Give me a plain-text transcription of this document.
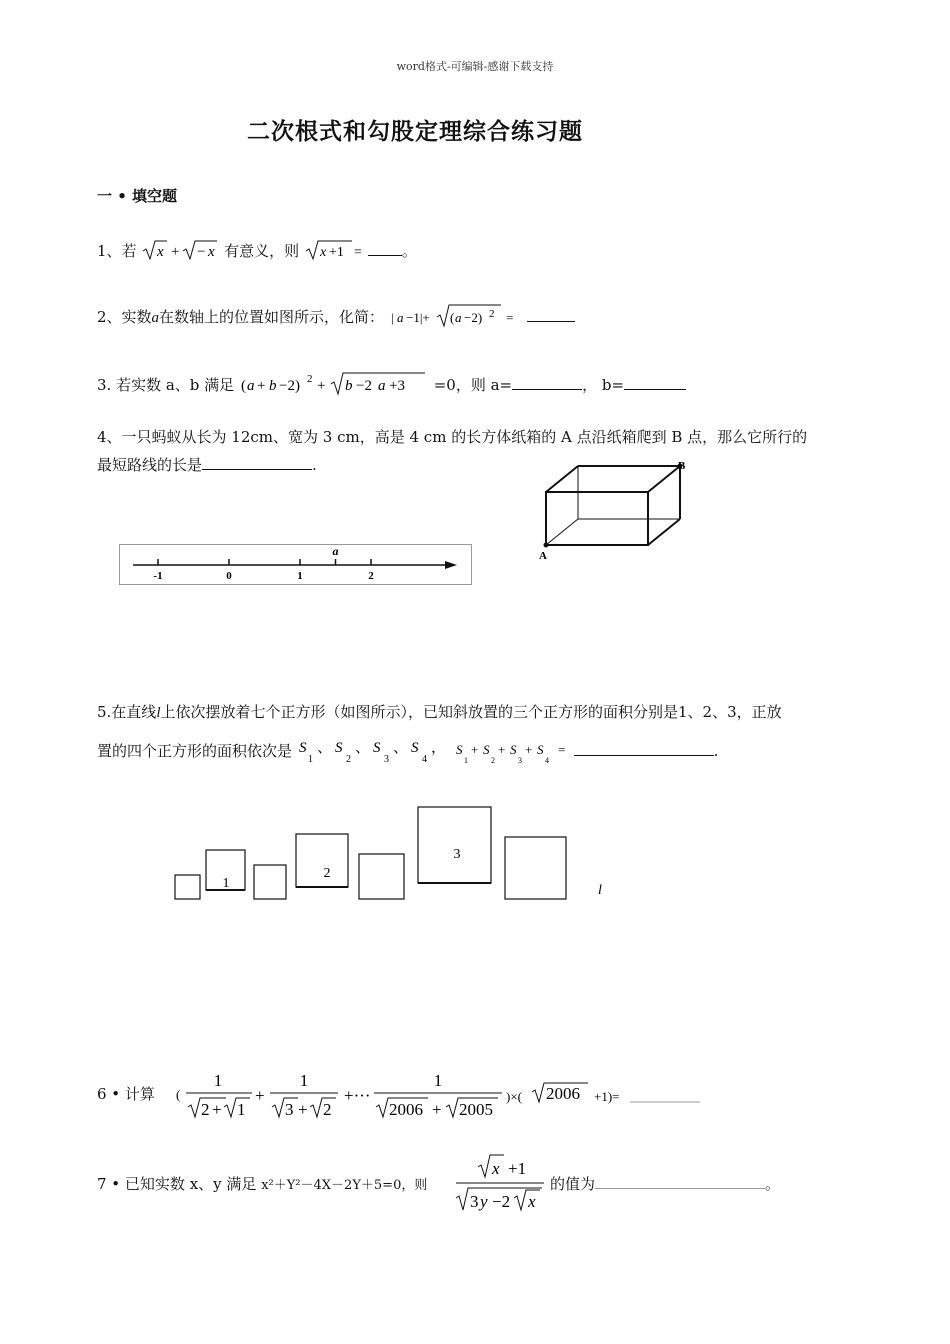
word格式-可编辑-感谢下载支持
二次根式和勾股定理综合练习题
一 • 填空题
1、若 x + − x 有意义，则 x +1 =	。
2、实数a在数轴上的位置如图所示，化简： | a −1|+ ( a −2) 2 =
3. 若实数 a、b 满足 ( a + b −2) 2 + b −2 a +3 =0，则 a=	， b=
4、一只蚂蚁从长为 12cm、宽为 3 cm，高是 4 cm 的长方体纸箱的 A 点沿纸箱爬到 B 点，那么它所行的
最短路线的长是	.
A
B
-1	0	1	2
a
5.在直线l上依次摆放着七个正方形（如图所示），已知斜放置的三个正方形的面积分别是1、2、3，正放
置的四个正方形的面积依次是 S
1
、 S
2
、 S
3
、 S
4
，
S
1
+ S
2
+ S
3
+ S
4
=	.
1
2
3
l
6 • 计算 (
1
2 + 1
+
1
3 + 2
+···
1
2006 + 2005
)×( 2006 +1)=
7 • 已知实数 x、y 满足 x²＋Y²－4X－2Y＋5=0，则
x +1
3 y −2 x
的值为	。
